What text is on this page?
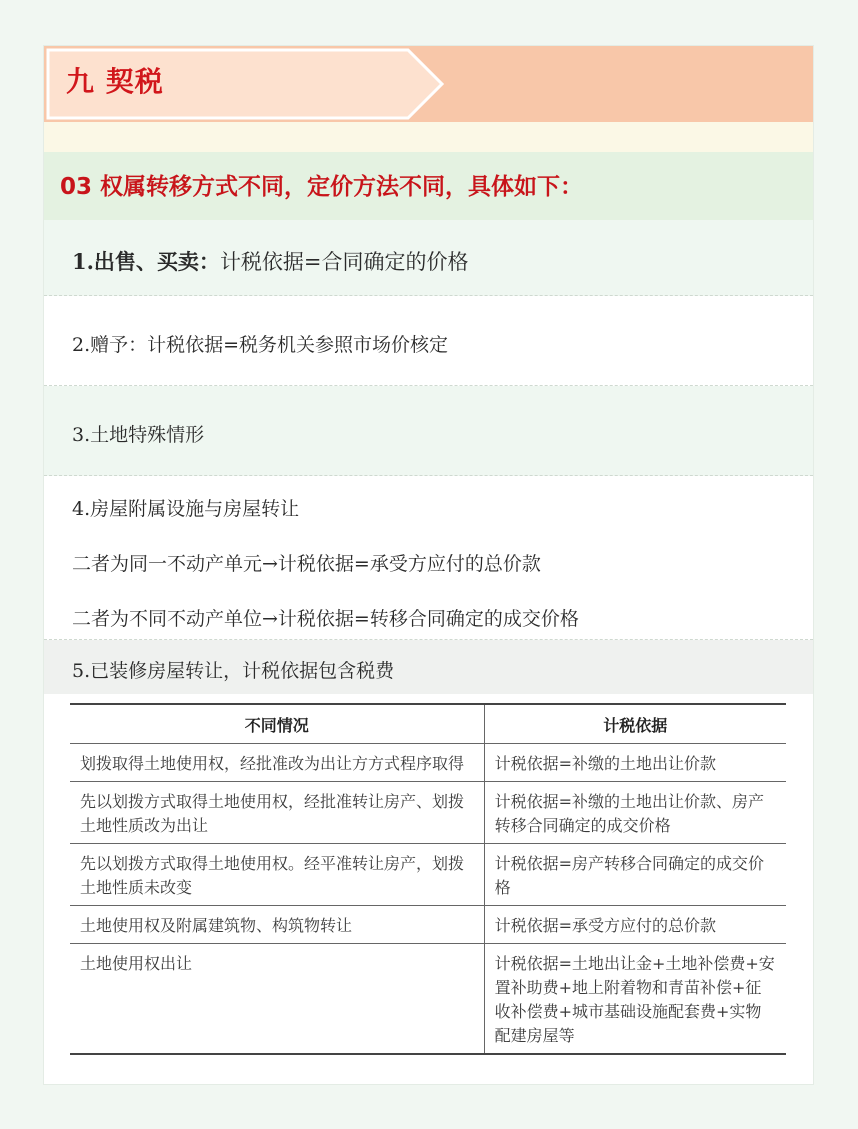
九 契税
03 权属转移方式不同，定价方法不同，具体如下：
1.出售、买卖：计税依据=合同确定的价格
2.赠予：计税依据=税务机关参照市场价核定
3.土地特殊情形
4.房屋附属设施与房屋转让
二者为同一不动产单元→计税依据=承受方应付的总价款
二者为不同不动产单位→计税依据=转移合同确定的成交价格
5.已装修房屋转让，计税依据包含税费
不同情况	计税依据
划拨取得土地使用权，经批准改为出让方方式程序取得	计税依据=补缴的土地出让价款
先以划拨方式取得土地使用权，经批准转让房产、划拨土地性质改为出让	计税依据=补缴的土地出让价款、房产转移合同确定的成交价格
先以划拨方式取得土地使用权。经平准转让房产，划拨土地性质未改变	计税依据=房产转移合同确定的成交价格
土地使用权及附属建筑物、构筑物转让	计税依据=承受方应付的总价款
土地使用权出让	计税依据=土地出让金+土地补偿费+安置补助费+地上附着物和青苗补偿+征收补偿费+城市基础设施配套费+实物配建房屋等
